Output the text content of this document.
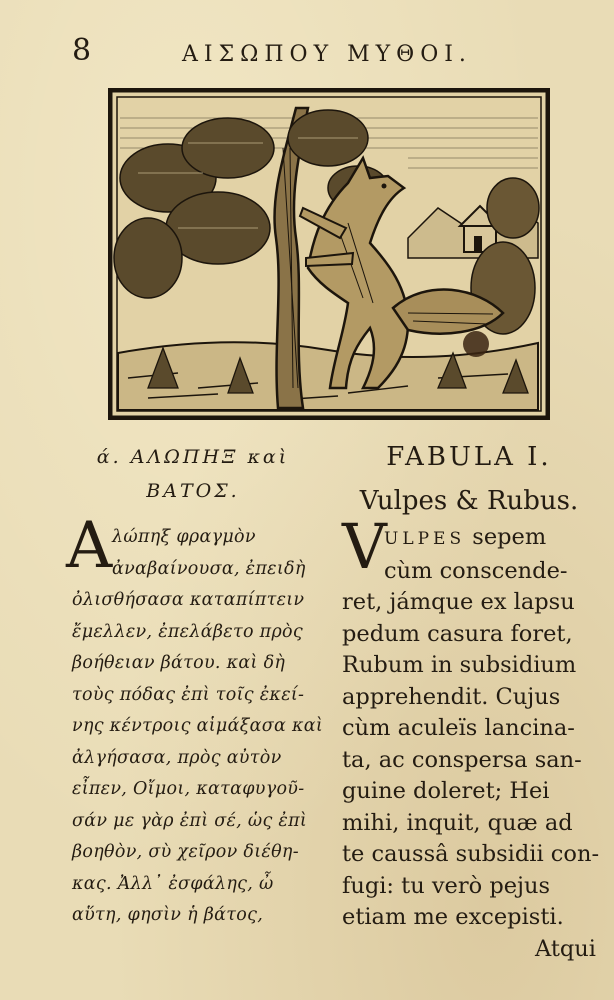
8	ΑΙΣΩΠΟΥ ΜΥΘΟΙ.
ά. ΑΛΩΠΗΞ καὶ
ΒΑΤΟΣ.
Α λώπηξ φραγμὸν
ἀναβαίνουσα, ἐπειδὴ
ὀλισθήσασα καταπίπτειν
ἔμελλεν, ἐπελάβετο πρὸς
βοήθειαν βάτου. καὶ δὴ
τοὺς πόδας ἐπὶ τοῖς ἐκεί-
νης κέντροις αἱμάξασα καὶ
ἀλγήσασα, πρὸς αὐτὸν
εἶπεν, Οἴμοι, καταφυγοῦ-
σάν με γὰρ ἐπὶ σέ, ὡς ἐπὶ
βοηθὸν, σὺ χεῖρον διέθη-
κας. Ἀλλ᾽ ἐσφάλης, ὦ
αὕτη, φησὶν ἡ βάτος,
FABULA I.
Vulpes & Rubus.
V
ULPES sepem
cùm conscende-
ret, jámque ex lapsu
pedum casura foret,
Rubum in subsidium
apprehendit. Cujus
cùm aculeïs lancina-
ta, ac conspersa san-
guine doleret; Hei
mihi, inquit, quæ ad
te caussâ subsidii con-
fugi: tu verò pejus
etiam me excepisti.
Atqui
